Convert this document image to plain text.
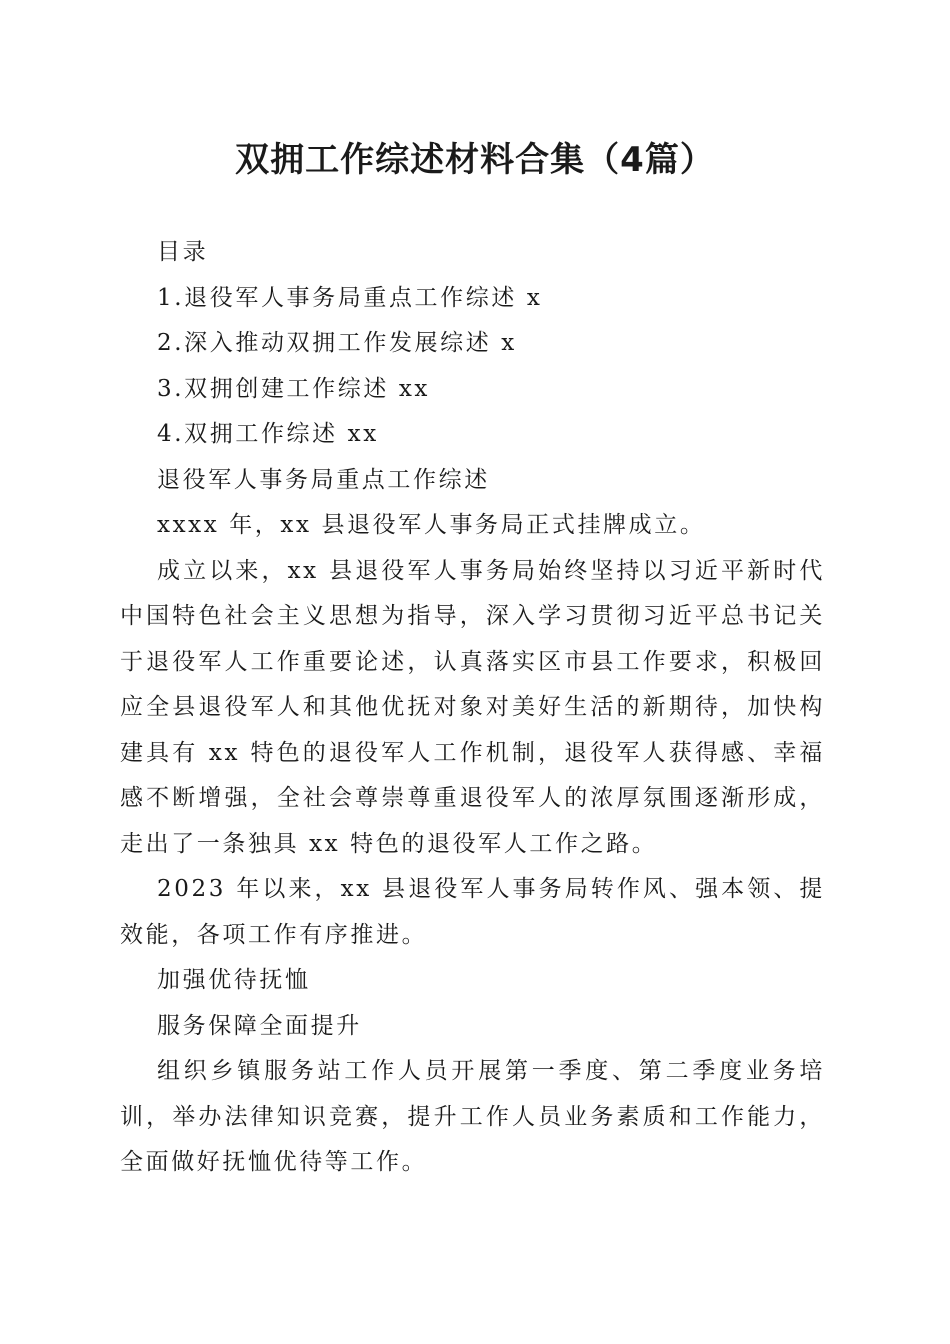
双拥工作综述材料合集（4篇）

目录

1.退役军人事务局重点工作综述 x

2.深入推动双拥工作发展综述 x

3.双拥创建工作综述 xx

4.双拥工作综述 xx

退役军人事务局重点工作综述

xxxx 年，xx 县退役军人事务局正式挂牌成立。

成立以来，xx 县退役军人事务局始终坚持以习近平新时代中国特色社会主义思想为指导，深入学习贯彻习近平总书记关于退役军人工作重要论述，认真落实区市县工作要求，积极回应全县退役军人和其他优抚对象对美好生活的新期待，加快构建具有 xx 特色的退役军人工作机制，退役军人获得感、幸福感不断增强，全社会尊崇尊重退役军人的浓厚氛围逐渐形成，走出了一条独具 xx 特色的退役军人工作之路。

2023 年以来，xx 县退役军人事务局转作风、强本领、提效能，各项工作有序推进。

加强优待抚恤

服务保障全面提升

组织乡镇服务站工作人员开展第一季度、第二季度业务培训，举办法律知识竞赛，提升工作人员业务素质和工作能力，全面做好抚恤优待等工作。
